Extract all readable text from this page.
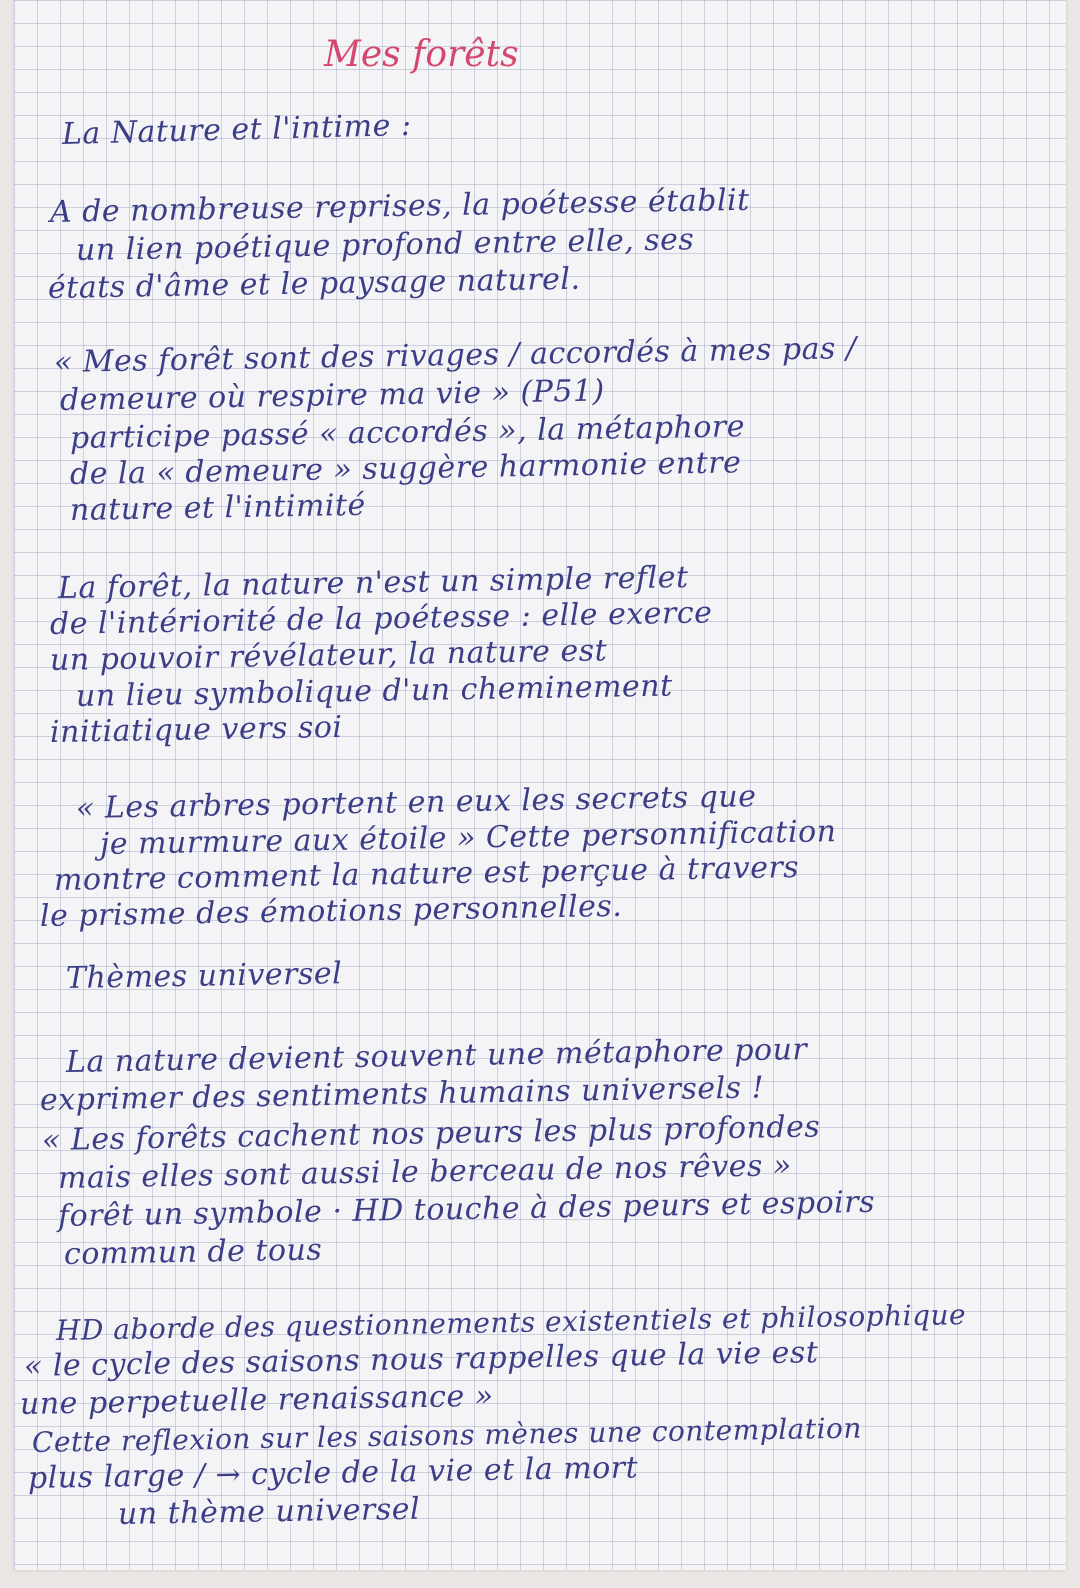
Mes forêts
La Nature et l'intime :
A de nombreuse reprises, la poétesse établit
un lien poétique profond entre elle, ses
états d'âme et le paysage naturel.
« Mes forêt sont des rivages / accordés à mes pas /
demeure où respire ma vie » (P51)
participe passé « accordés », la métaphore
de la « demeure » suggère harmonie entre
nature et l'intimité
La forêt, la nature n'est un simple reflet
de l'intériorité de la poétesse : elle exerce
un pouvoir révélateur, la nature est
un lieu symbolique d'un cheminement
initiatique vers soi
« Les arbres portent en eux les secrets que
je murmure aux étoile » Cette personnification
montre comment la nature est perçue à travers
le prisme des émotions personnelles.
Thèmes universel
La nature devient souvent une métaphore pour
exprimer des sentiments humains universels !
« Les forêts cachent nos peurs les plus profondes
mais elles sont aussi le berceau de nos rêves »
forêt un symbole · HD touche à des peurs et espoirs
commun de tous
HD aborde des questionnements existentiels et philosophique
« le cycle des saisons nous rappelles que la vie est
une perpetuelle renaissance »
Cette reflexion sur les saisons mènes une contemplation
plus large / → cycle de la vie et la mort
un thème universel
